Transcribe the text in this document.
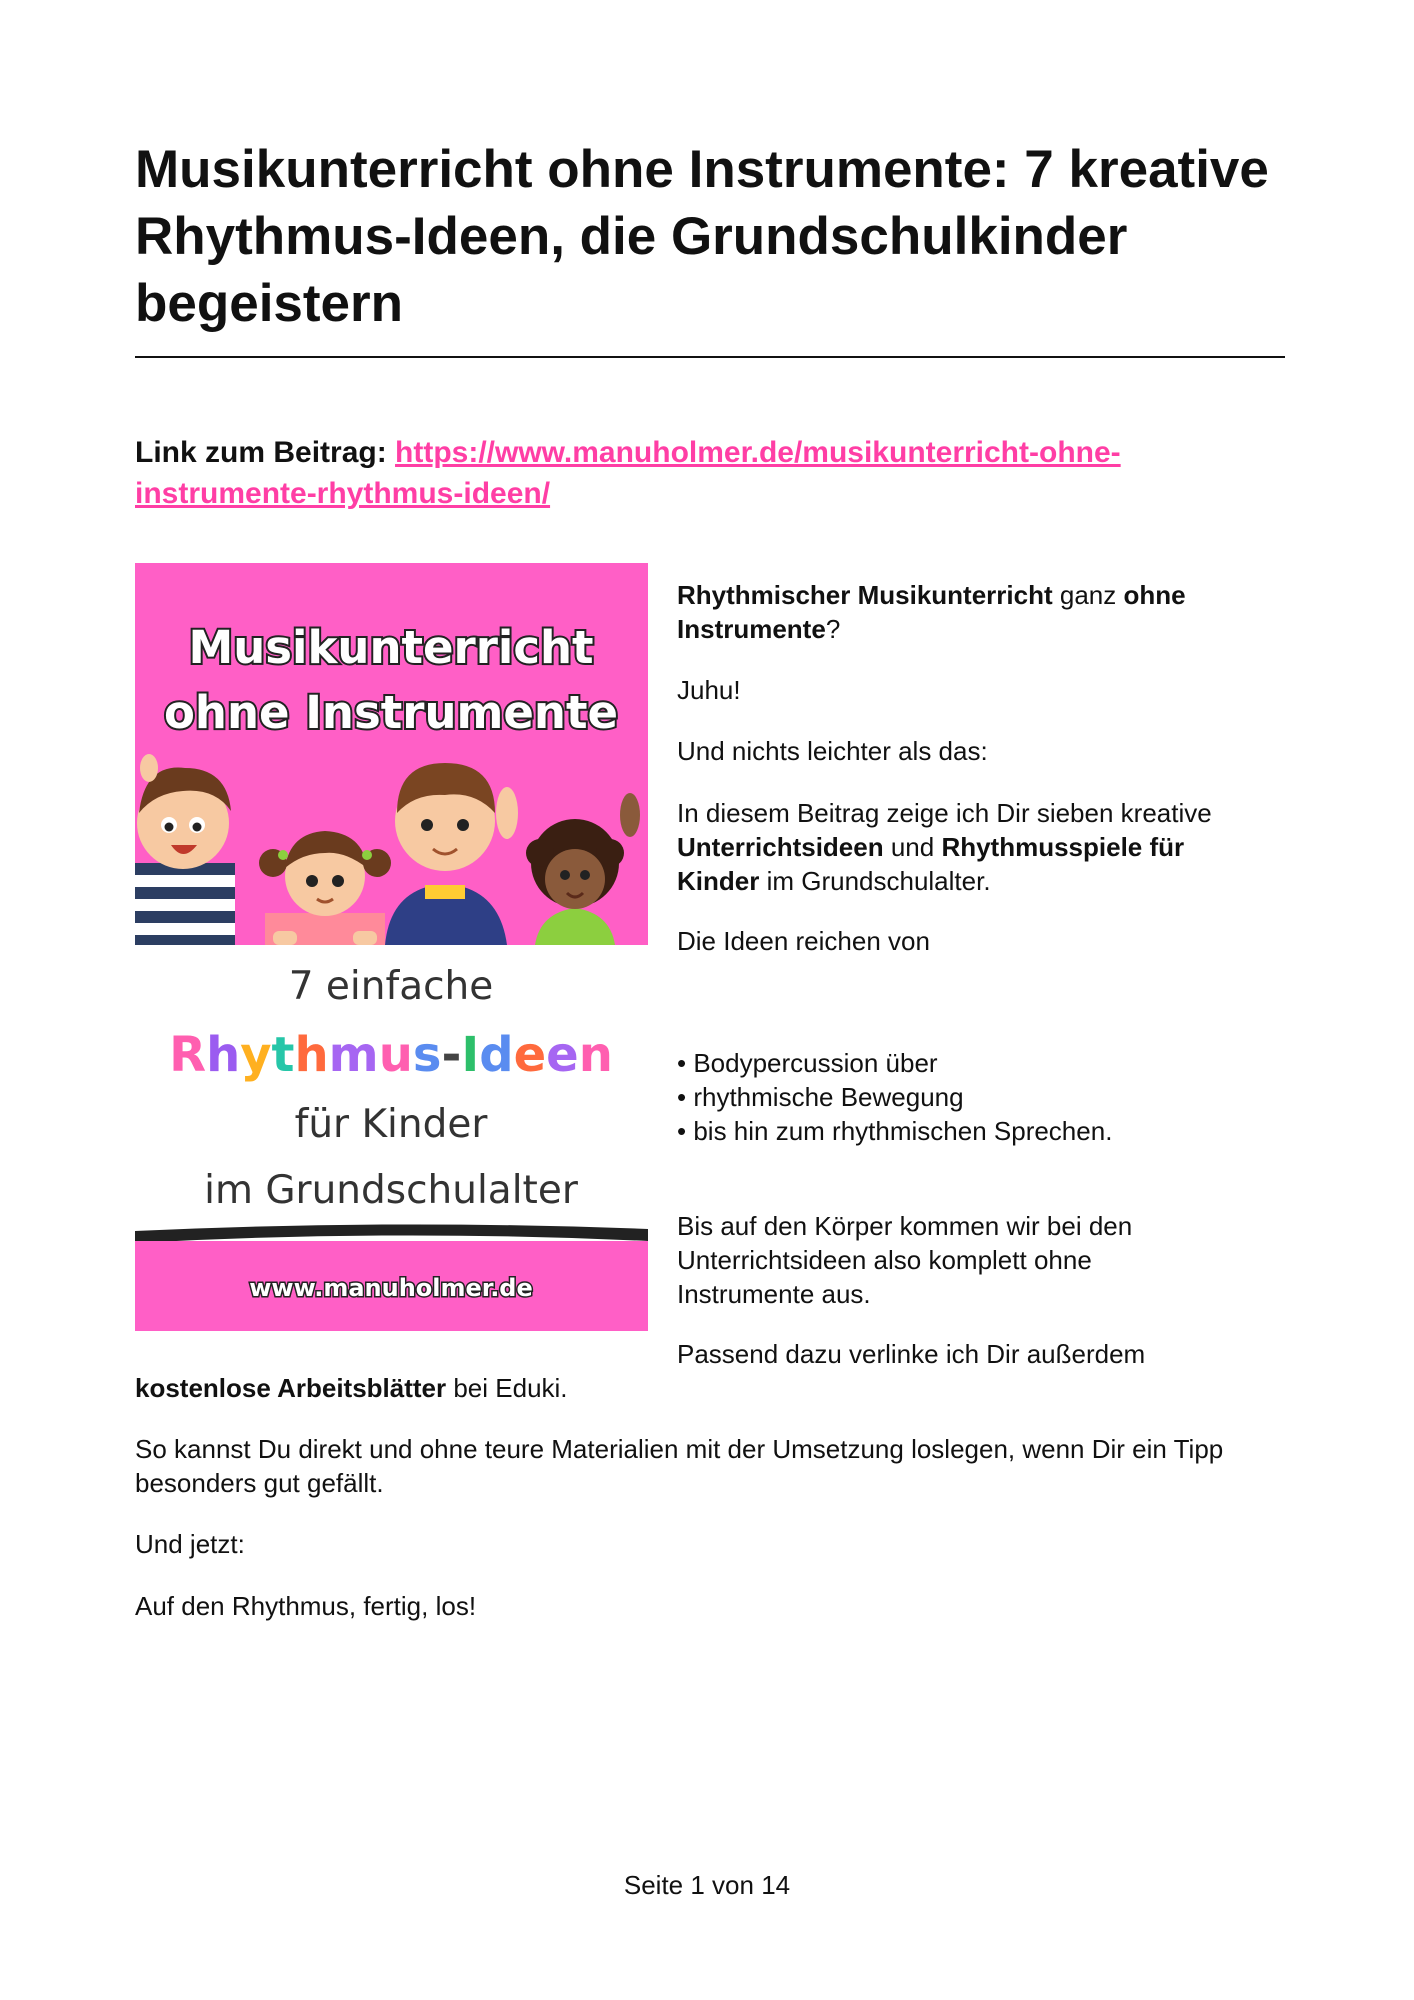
Musikunterricht ohne Instrumente: 7 kreative Rhythmus-Ideen, die Grundschulkinder begeistern

Link zum Beitrag: https://www.manuholmer.de/musikunterricht-ohne-
instrumente-rhythmus-ideen/

Musikunterricht
ohne Instrumente
7 einfache
Rhythmus-Ideen
für Kinder
im Grundschulalter
www.manuholmer.de

Rhythmischer Musikunterricht ganz ohne
Instrumente?

Juhu!

Und nichts leichter als das:

In diesem Beitrag zeige ich Dir sieben kreative
Unterrichtsideen und Rhythmusspiele für
Kinder im Grundschulalter.

Die Ideen reichen von

• Bodypercussion über
• rhythmische Bewegung
• bis hin zum rhythmischen Sprechen.

Bis auf den Körper kommen wir bei den
Unterrichtsideen also komplett ohne
Instrumente aus.

Passend dazu verlinke ich Dir außerdem

kostenlose Arbeitsblätter bei Eduki.

So kannst Du direkt und ohne teure Materialien mit der Umsetzung loslegen, wenn Dir ein Tipp besonders gut gefällt.

Und jetzt:

Auf den Rhythmus, fertig, los!

Seite 1 von 14
